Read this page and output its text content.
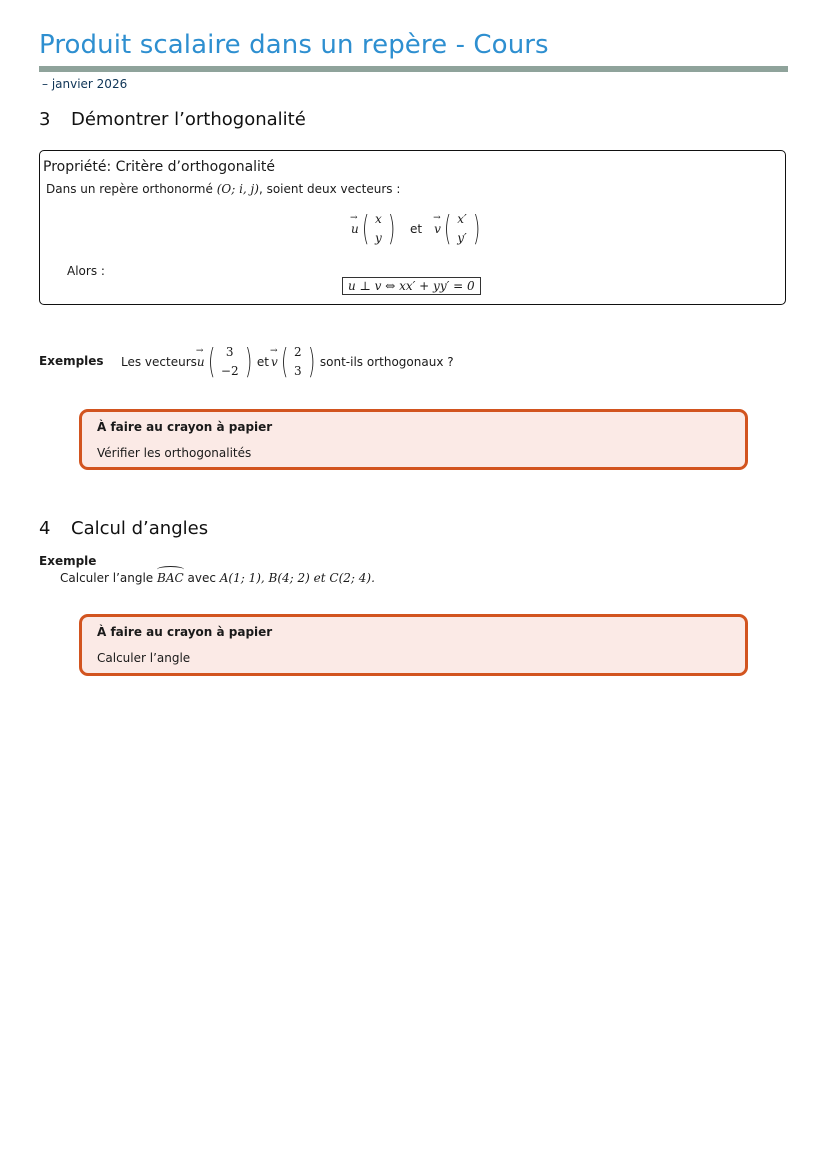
Produit scalaire dans un repère - Cours
– janvier 2026
3 Démontrer l’orthogonalité
Propriété: Critère d’orthogonalité
Dans un repère orthonormé (O; i, j), soient deux vecteurs :
→ u ( x
y ) et → v ( x′
y′ )
Alors :
u ⊥ v ⇔ xx′ + yy′ = 0
Exemples Les vecteurs → u ( 3
−2 ) et → v ( 2
3 ) sont-ils orthogonaux ?
À faire au crayon à papier
Vérifier les orthogonalités
4 Calcul d’angles
Exemple
Calculer l’angle BAC avec A(1; 1), B(4; 2) et C(2; 4).
À faire au crayon à papier
Calculer l’angle
